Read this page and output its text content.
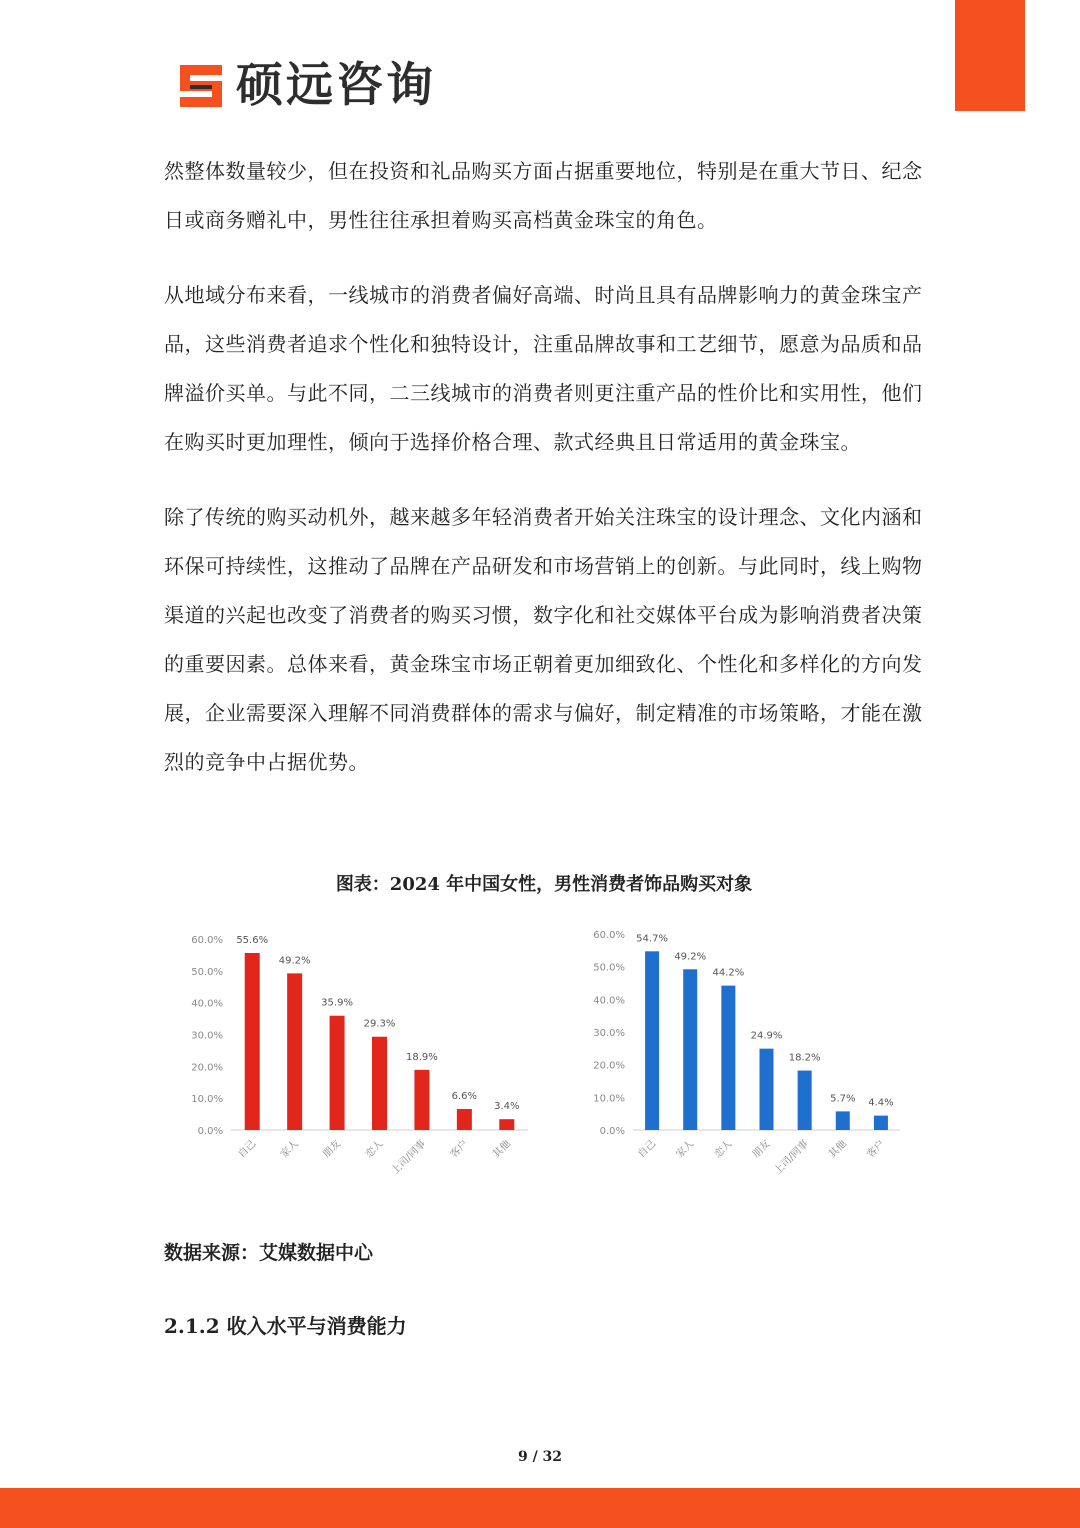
硕远咨询

然整体数量较少，但在投资和礼品购买方面占据重要地位，特别是在重大节日、纪念日或商务赠礼中，男性往往承担着购买高档黄金珠宝的角色。

从地域分布来看，一线城市的消费者偏好高端、时尚且具有品牌影响力的黄金珠宝产品，这些消费者追求个性化和独特设计，注重品牌故事和工艺细节，愿意为品质和品牌溢价买单。与此不同，二三线城市的消费者则更注重产品的性价比和实用性，他们在购买时更加理性，倾向于选择价格合理、款式经典且日常适用的黄金珠宝。

除了传统的购买动机外，越来越多年轻消费者开始关注珠宝的设计理念、文化内涵和环保可持续性，这推动了品牌在产品研发和市场营销上的创新。与此同时，线上购物渠道的兴起也改变了消费者的购买习惯，数字化和社交媒体平台成为影响消费者决策的重要因素。总体来看，黄金珠宝市场正朝着更加细致化、个性化和多样化的方向发展，企业需要深入理解不同消费群体的需求与偏好，制定精准的市场策略，才能在激烈的竞争中占据优势。

图表：2024 年中国女性，男性消费者饰品购买对象
60.0%
50.0%
40.0%
30.0%
20.0%
10.0%
0.0%
55.6%
自己
49.2%
家人
35.9%
朋友
29.3%
恋人
18.9%
上司/同事
6.6%
客户
3.4%
其他
60.0%
50.0%
40.0%
30.0%
20.0%
10.0%
0.0%
54.7%
自己
49.2%
家人
44.2%
恋人
24.9%
朋友
18.2%
上司/同事
5.7%
其他
4.4%
客户
数据来源：艾媒数据中心
2.1.2 收入水平与消费能力
9 / 32
